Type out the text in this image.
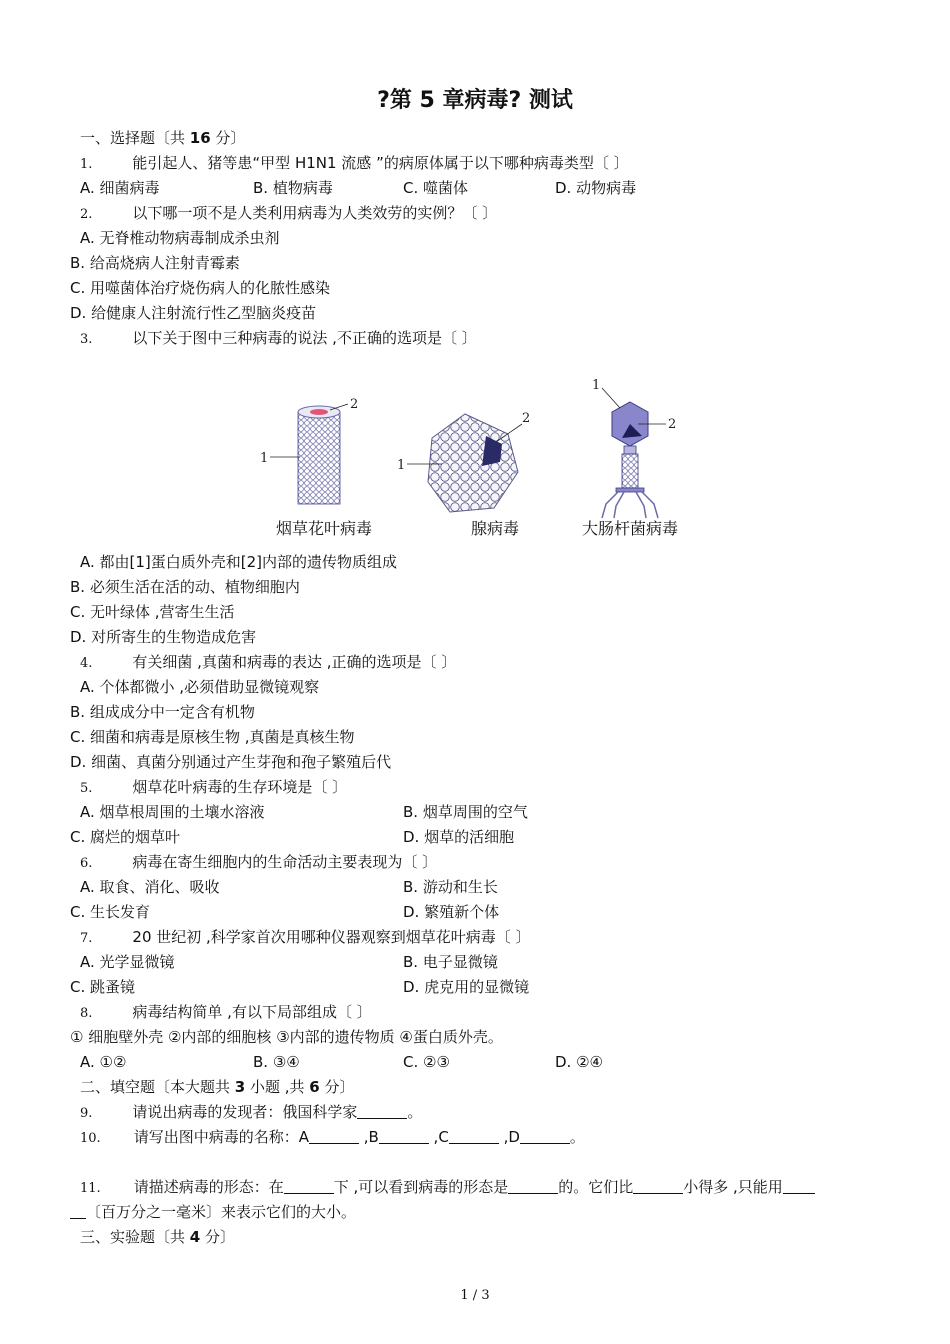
?第 5 章病毒? 测试
一、选择题〔共 16 分〕
1.	能引起人、猪等患“甲型 H1N1 流感 ”的病原体属于以下哪种病毒类型〔 〕
A. 细菌病毒	B. 植物病毒	C. 噬菌体	D. 动物病毒
2.	以下哪一项不是人类利用病毒为人类效劳的实例？〔 〕
A. 无脊椎动物病毒制成杀虫剂
B. 给高烧病人注射青霉素
C. 用噬菌体治疗烧伤病人的化脓性感染
D. 给健康人注射流行性乙型脑炎疫苗
3.	以下关于图中三种病毒的说法 ,不正确的选项是〔 〕
1
2
1
2
1
2
烟草花叶病毒	腺病毒	大肠杆菌病毒
A. 都由[1]蛋白质外壳和[2]内部的遗传物质组成
B. 必须生活在活的动、植物细胞内
C. 无叶绿体 ,营寄生生活
D. 对所寄生的生物造成危害
4.	有关细菌 ,真菌和病毒的表达 ,正确的选项是〔 〕
A. 个体都微小 ,必须借助显微镜观察
B. 组成成分中一定含有机物
C. 细菌和病毒是原核生物 ,真菌是真核生物
D. 细菌、真菌分别通过产生芽孢和孢子繁殖后代
5.	烟草花叶病毒的生存环境是〔 〕
A. 烟草根周围的土壤水溶液	B. 烟草周围的空气
C. 腐烂的烟草叶	D. 烟草的活细胞
6.	病毒在寄生细胞内的生命活动主要表现为〔 〕
A. 取食、消化、吸收	B. 游动和生长
C. 生长发育	D. 繁殖新个体
7.	20 世纪初 ,科学家首次用哪种仪器观察到烟草花叶病毒〔 〕
A. 光学显微镜	B. 电子显微镜
C. 跳蚤镜	D. 虎克用的显微镜
8.	病毒结构简单 ,有以下局部组成〔 〕
① 细胞壁外壳 ②内部的细胞核 ③内部的遗传物质 ④蛋白质外壳。
A. ①②	B. ③④	C. ②③	D. ②④
二、填空题〔本大题共 3 小题 ,共 6 分〕
9.	请说出病毒的发现者：俄国科学家	。
10. 请写出图中病毒的名称：A	,B	,C	,D	。
11. 请描述病毒的形态：在	下 ,可以看到病毒的形态是	的。它们比	小得多 ,只能用
〔百万分之一毫米〕来表示它们的大小。
三、实验题〔共 4 分〕
1 / 3
